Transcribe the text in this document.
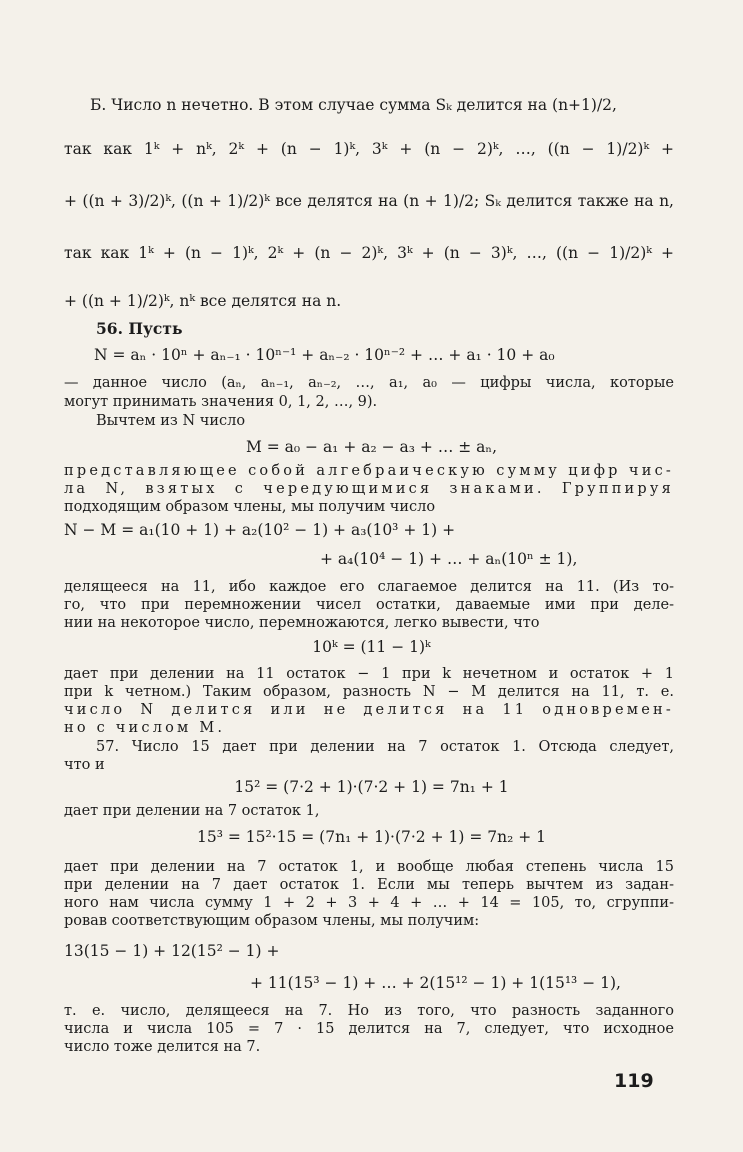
Б. Число n нечетно. В этом случае сумма Sₖ делится на (n+1)/2,
так как 1ᵏ + nᵏ, 2ᵏ + (n − 1)ᵏ, 3ᵏ + (n − 2)ᵏ, …, ((n − 1)/2)ᵏ +
+ ((n + 3)/2)ᵏ, ((n + 1)/2)ᵏ все делятся на (n + 1)/2; Sₖ делится также на n,
так как 1ᵏ + (n − 1)ᵏ, 2ᵏ + (n − 2)ᵏ, 3ᵏ + (n − 3)ᵏ, …, ((n − 1)/2)ᵏ +
+ ((n + 1)/2)ᵏ, nᵏ все делятся на n.
56. Пусть
N = aₙ · 10ⁿ + aₙ₋₁ · 10ⁿ⁻¹ + aₙ₋₂ · 10ⁿ⁻² + … + a₁ · 10 + a₀
— данное число (aₙ, aₙ₋₁, aₙ₋₂, …, a₁, a₀ — цифры числа, которые
могут принимать значения 0, 1, 2, …, 9).
Вычтем из N число
M = a₀ − a₁ + a₂ − a₃ + … ± aₙ,
представляющее собой алгебраическую сумму цифр чис-
ла N, взятых с чередующимися знаками. Группируя
подходящим образом члены, мы получим число
N − M = a₁(10 + 1) + a₂(10² − 1) + a₃(10³ + 1) +
+ a₄(10⁴ − 1) + … + aₙ(10ⁿ ± 1),
делящееся на 11, ибо каждое его слагаемое делится на 11. (Из то-
го, что при перемножении чисел остатки, даваемые ими при деле-
нии на некоторое число, перемножаются, легко вывести, что
10ᵏ = (11 − 1)ᵏ
дает при делении на 11 остаток − 1 при k нечетном и остаток + 1
при k четном.) Таким образом, разность N − M делится на 11, т. е.
число N делится или не делится на 11 одновремен-
но с числом M.
57. Число 15 дает при делении на 7 остаток 1. Отсюда следует,
что и
15² = (7·2 + 1)·(7·2 + 1) = 7n₁ + 1
дает при делении на 7 остаток 1,
15³ = 15²·15 = (7n₁ + 1)·(7·2 + 1) = 7n₂ + 1
дает при делении на 7 остаток 1, и вообще любая степень числа 15
при делении на 7 дает остаток 1. Если мы теперь вычтем из задан-
ного нам числа сумму 1 + 2 + 3 + 4 + … + 14 = 105, то, сгруппи-
ровав соответствующим образом члены, мы получим:
13(15 − 1) + 12(15² − 1) +
+ 11(15³ − 1) + … + 2(15¹² − 1) + 1(15¹³ − 1),
т. е. число, делящееся на 7. Но из того, что разность заданного
числа и числа 105 = 7 · 15 делится на 7, следует, что исходное
число тоже делится на 7.
119
